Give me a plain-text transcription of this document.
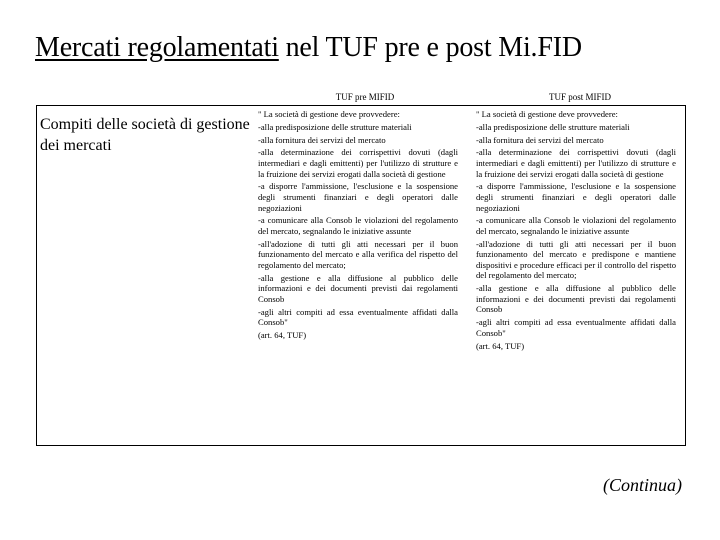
Mercati regolamentati nel TUF pre e post Mi.FID
TUF pre MIFID	TUF post MIFID
Compiti delle società di gestione dei mercati

" La società di gestione deve provvedere:

-alla predisposizione delle strutture materiali

-alla fornitura dei servizi del mercato

-alla determinazione dei corrispettivi dovuti (dagli intermediari e dagli emittenti) per l'utilizzo di strutture e la fruizione dei servizi erogati dalla società di gestione

-a disporre l'ammissione, l'esclusione e la sospensione degli strumenti finanziari e degli operatori dalle negoziazioni

-a comunicare alla Consob le violazioni del regolamento del mercato, segnalando le iniziative assunte

-all'adozione di tutti gli atti necessari per il buon funzionamento del mercato e alla verifica del rispetto del regolamento del mercato;

-alla gestione e alla diffusione al pubblico delle informazioni e dei documenti previsti dai regolamenti Consob

-agli altri compiti ad essa eventualmente affidati dalla Consob"

(art. 64, TUF)

" La società di gestione deve provvedere:

-alla predisposizione delle strutture materiali

-alla fornitura dei servizi del mercato

-alla determinazione dei corrispettivi dovuti (dagli intermediari e dagli emittenti) per l'utilizzo di strutture e la fruizione dei servizi erogati dalla società di gestione

-a disporre l'ammissione, l'esclusione e la sospensione degli strumenti finanziari e degli operatori dalle negoziazioni

-a comunicare alla Consob le violazioni del regolamento del mercato, segnalando le iniziative assunte

-all'adozione di tutti gli atti necessari per il buon funzionamento del mercato e predispone e mantiene dispositivi e procedure efficaci per il controllo del rispetto del regolamento del mercato;

-alla gestione e alla diffusione al pubblico delle informazioni e dei documenti previsti dai regolamenti Consob

-agli altri compiti ad essa eventualmente affidati dalla Consob"

(art. 64, TUF)

(Continua)
